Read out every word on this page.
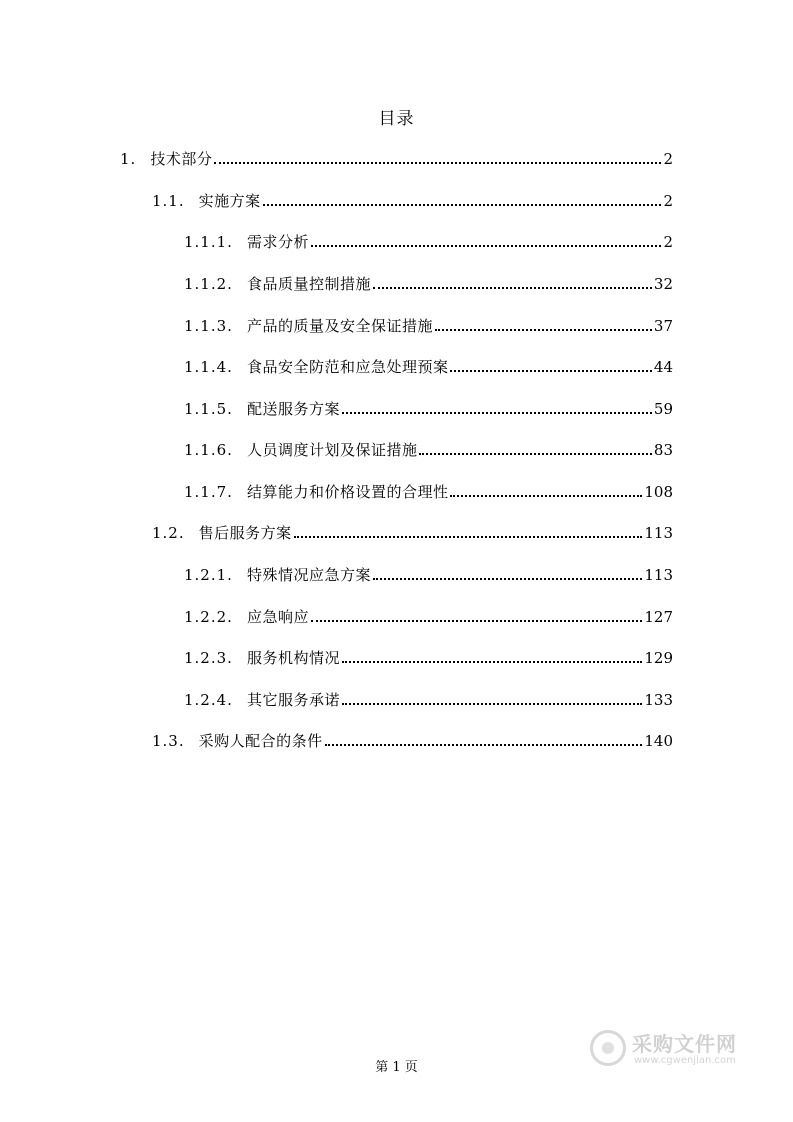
目录
1. 技术部分	2
1.1. 实施方案	2
1.1.1. 需求分析	2
1.1.2. 食品质量控制措施	32
1.1.3. 产品的质量及安全保证措施	37
1.1.4. 食品安全防范和应急处理预案	44
1.1.5. 配送服务方案	59
1.1.6. 人员调度计划及保证措施	83
1.1.7. 结算能力和价格设置的合理性	108
1.2. 售后服务方案	113
1.2.1. 特殊情况应急方案	113
1.2.2. 应急响应	127
1.2.3. 服务机构情况	129
1.2.4. 其它服务承诺	133
1.3. 采购人配合的条件	140
采购文件网
www.cgwenjian.com
第 1 页
